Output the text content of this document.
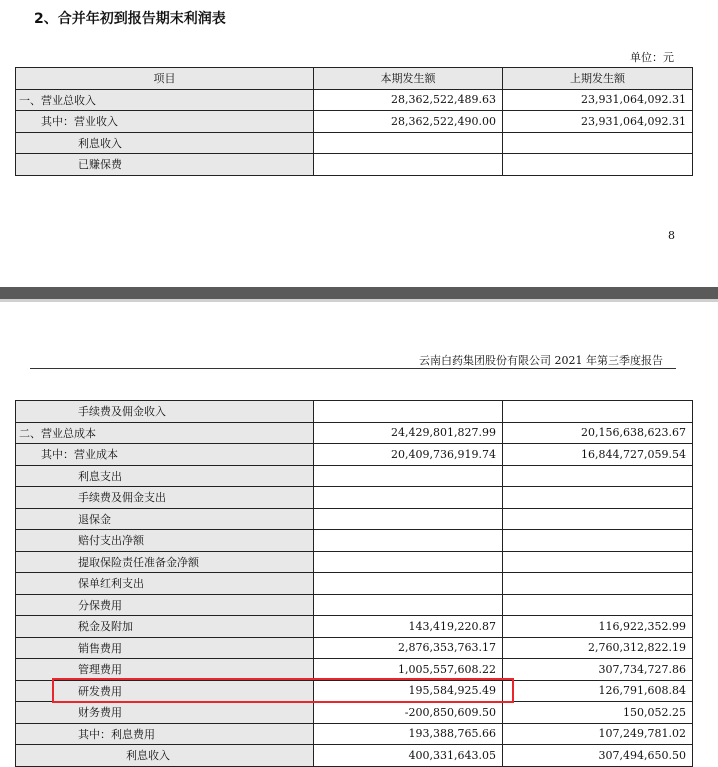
2、合并年初到报告期末利润表
单位：元
项目	本期发生额	上期发生额
一、营业总收入	28,362,522,489.63	23,931,064,092.31
其中：营业收入	28,362,522,490.00	23,931,064,092.31
利息收入		
已赚保费		
8
云南白药集团股份有限公司 2021 年第三季度报告
手续费及佣金收入		
二、营业总成本	24,429,801,827.99	20,156,638,623.67
其中：营业成本	20,409,736,919.74	16,844,727,059.54
利息支出		
手续费及佣金支出		
退保金		
赔付支出净额		
提取保险责任准备金净额		
保单红利支出		
分保费用		
税金及附加	143,419,220.87	116,922,352.99
销售费用	2,876,353,763.17	2,760,312,822.19
管理费用	1,005,557,608.22	307,734,727.86
研发费用	195,584,925.49	126,791,608.84
财务费用	-200,850,609.50	150,052.25
其中：利息费用	193,388,765.66	107,249,781.02
利息收入	400,331,643.05	307,494,650.50
